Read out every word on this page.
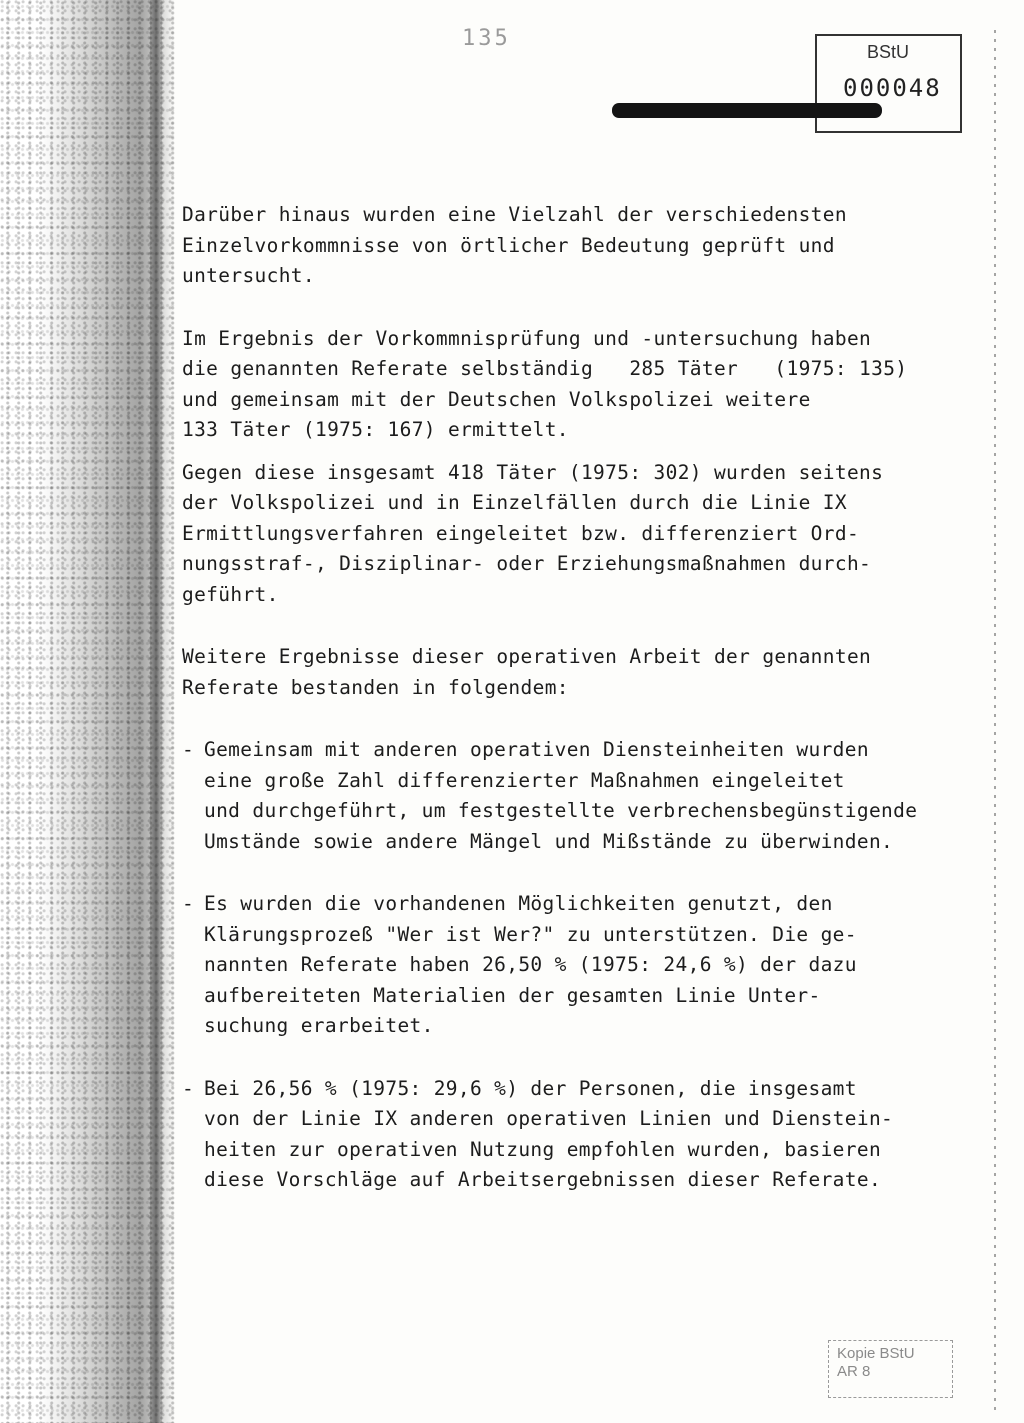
135
BStU
000048

Darüber hinaus wurden eine Vielzahl der verschiedensten
Einzelvorkommnisse von örtlicher Bedeutung geprüft und
untersucht.

Im Ergebnis der Vorkommnisprüfung und -untersuchung haben
die genannten Referate selbständig   285 Täter   (1975: 135)
und gemeinsam mit der Deutschen Volkspolizei weitere
133 Täter (1975: 167) ermittelt.

Gegen diese insgesamt 418 Täter (1975: 302) wurden seitens
der Volkspolizei und in Einzelfällen durch die Linie IX
Ermittlungsverfahren eingeleitet bzw. differenziert Ord-
nungsstraf-, Disziplinar- oder Erziehungsmaßnahmen durch-
geführt.

Weitere Ergebnisse dieser operativen Arbeit der genannten
Referate bestanden in folgendem:

- Gemeinsam mit anderen operativen Diensteinheiten wurden
eine große Zahl differenzierter Maßnahmen eingeleitet
und durchgeführt, um festgestellte verbrechensbegünstigende
Umstände sowie andere Mängel und Mißstände zu überwinden.
- Es wurden die vorhandenen Möglichkeiten genutzt, den
Klärungsprozeß "Wer ist Wer?" zu unterstützen. Die ge-
nannten Referate haben 26,50 % (1975: 24,6 %) der dazu
aufbereiteten Materialien der gesamten Linie Unter-
suchung erarbeitet.
- Bei 26,56 % (1975: 29,6 %) der Personen, die insgesamt
von der Linie IX anderen operativen Linien und Dienstein-
heiten zur operativen Nutzung empfohlen wurden, basieren
diese Vorschläge auf Arbeitsergebnissen dieser Referate.
Kopie BStU
AR 8
